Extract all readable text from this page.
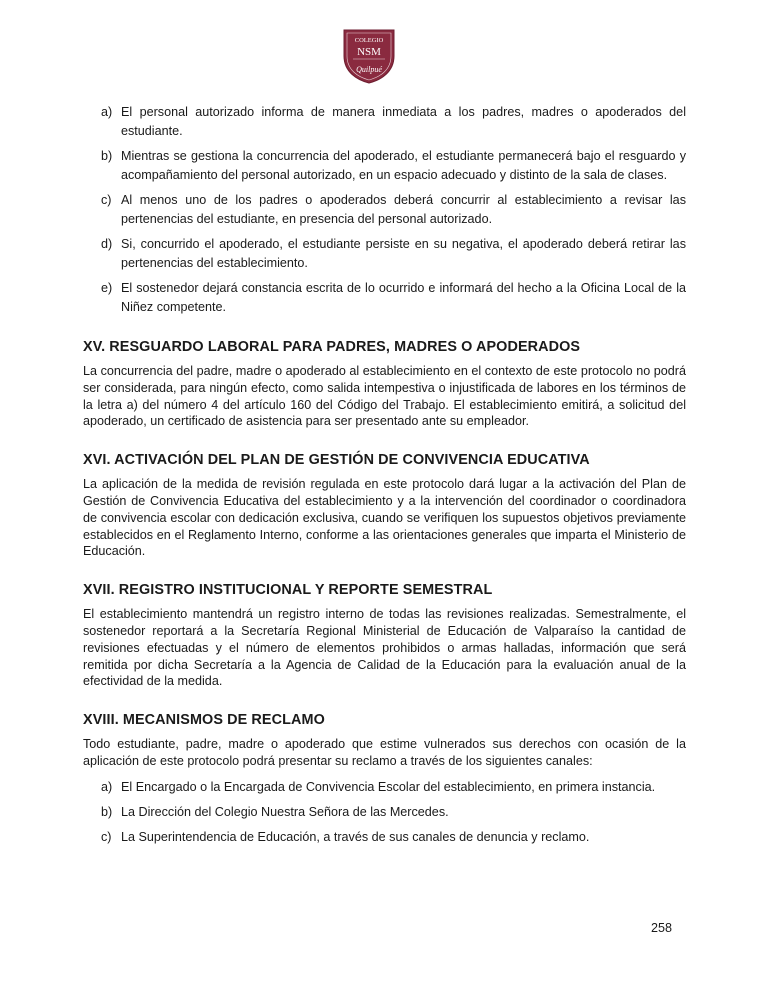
COLEGIO
NSM
Quilpué
a) El personal autorizado informa de manera inmediata a los padres, madres o apoderados del estudiante.
b) Mientras se gestiona la concurrencia del apoderado, el estudiante permanecerá bajo el resguardo y acompañamiento del personal autorizado, en un espacio adecuado y distinto de la sala de clases.
c) Al menos uno de los padres o apoderados deberá concurrir al establecimiento a revisar las pertenencias del estudiante, en presencia del personal autorizado.
d) Si, concurrido el apoderado, el estudiante persiste en su negativa, el apoderado deberá retirar las pertenencias del establecimiento.
e) El sostenedor dejará constancia escrita de lo ocurrido e informará del hecho a la Oficina Local de la Niñez competente.
XV. RESGUARDO LABORAL PARA PADRES, MADRES O APODERADOS

La concurrencia del padre, madre o apoderado al establecimiento en el contexto de este protocolo no podrá ser considerada, para ningún efecto, como salida intempestiva o injustificada de labores en los términos de la letra a) del número 4 del artículo 160 del Código del Trabajo. El establecimiento emitirá, a solicitud del apoderado, un certificado de asistencia para ser presentado ante su empleador.

XVI. ACTIVACIÓN DEL PLAN DE GESTIÓN DE CONVIVENCIA EDUCATIVA

La aplicación de la medida de revisión regulada en este protocolo dará lugar a la activación del Plan de Gestión de Convivencia Educativa del establecimiento y a la intervención del coordinador o coordinadora de convivencia escolar con dedicación exclusiva, cuando se verifiquen los supuestos objetivos previamente establecidos en el Reglamento Interno, conforme a las orientaciones generales que imparta el Ministerio de Educación.

XVII. REGISTRO INSTITUCIONAL Y REPORTE SEMESTRAL

El establecimiento mantendrá un registro interno de todas las revisiones realizadas. Semestralmente, el sostenedor reportará a la Secretaría Regional Ministerial de Educación de Valparaíso la cantidad de revisiones efectuadas y el número de elementos prohibidos o armas halladas, información que será remitida por dicha Secretaría a la Agencia de Calidad de la Educación para la evaluación anual de la efectividad de la medida.

XVIII. MECANISMOS DE RECLAMO

Todo estudiante, padre, madre o apoderado que estime vulnerados sus derechos con ocasión de la aplicación de este protocolo podrá presentar su reclamo a través de los siguientes canales:

a) El Encargado o la Encargada de Convivencia Escolar del establecimiento, en primera instancia.
b) La Dirección del Colegio Nuestra Señora de las Mercedes.
c) La Superintendencia de Educación, a través de sus canales de denuncia y reclamo.
258
